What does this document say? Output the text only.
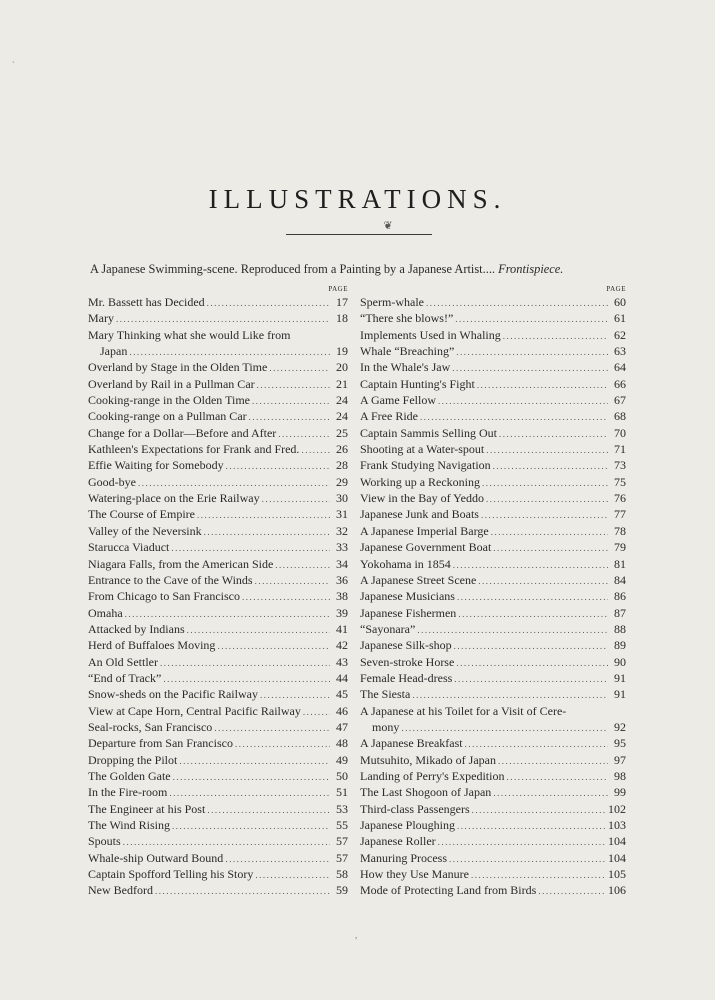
ILLUSTRATIONS.
❦
A Japanese Swimming-scene. Reproduced from a Painting by a Japanese Artist.... Frontispiece.
PAGE
Mr. Bassett has Decided .....	17
Mary .....	18
Mary Thinking what she would Like from
Japan .....	19
Overland by Stage in the Olden Time .....	20
Overland by Rail in a Pullman Car .....	21
Cooking-range in the Olden Time .....	24
Cooking-range on a Pullman Car .....	24
Change for a Dollar—Before and After .....	25
Kathleen's Expectations for Frank and Fred. .....	26
Effie Waiting for Somebody .....	28
Good-bye .....	29
Watering-place on the Erie Railway .....	30
The Course of Empire .....	31
Valley of the Neversink .....	32
Starucca Viaduct .....	33
Niagara Falls, from the American Side .....	34
Entrance to the Cave of the Winds .....	36
From Chicago to San Francisco .....	38
Omaha .....	39
Attacked by Indians .....	41
Herd of Buffaloes Moving .....	42
An Old Settler .....	43
“End of Track” .....	44
Snow-sheds on the Pacific Railway .....	45
View at Cape Horn, Central Pacific Railway .....	46
Seal-rocks, San Francisco .....	47
Departure from San Francisco .....	48
Dropping the Pilot .....	49
The Golden Gate .....	50
In the Fire-room .....	51
The Engineer at his Post .....	53
The Wind Rising .....	55
Spouts .....	57
Whale-ship Outward Bound .....	57
Captain Spofford Telling his Story .....	58
New Bedford .....	59
PAGE
Sperm-whale .....	60
“There she blows!” .....	61
Implements Used in Whaling .....	62
Whale “Breaching” .....	63
In the Whale's Jaw .....	64
Captain Hunting's Fight .....	66
A Game Fellow .....	67
A Free Ride .....	68
Captain Sammis Selling Out .....	70
Shooting at a Water-spout .....	71
Frank Studying Navigation .....	73
Working up a Reckoning .....	75
View in the Bay of Yeddo .....	76
Japanese Junk and Boats .....	77
A Japanese Imperial Barge .....	78
Japanese Government Boat .....	79
Yokohama in 1854 .....	81
A Japanese Street Scene .....	84
Japanese Musicians .....	86
Japanese Fishermen .....	87
“Sayonara” .....	88
Japanese Silk-shop .....	89
Seven-stroke Horse .....	90
Female Head-dress .....	91
The Siesta .....	91
A Japanese at his Toilet for a Visit of Cere-
mony .....	92
A Japanese Breakfast .....	95
Mutsuhito, Mikado of Japan .....	97
Landing of Perry's Expedition .....	98
The Last Shogoon of Japan .....	99
Third-class Passengers .....	102
Japanese Ploughing .....	103
Japanese Roller .....	104
Manuring Process .....	104
How they Use Manure .....	105
Mode of Protecting Land from Birds .....	106
`
,
